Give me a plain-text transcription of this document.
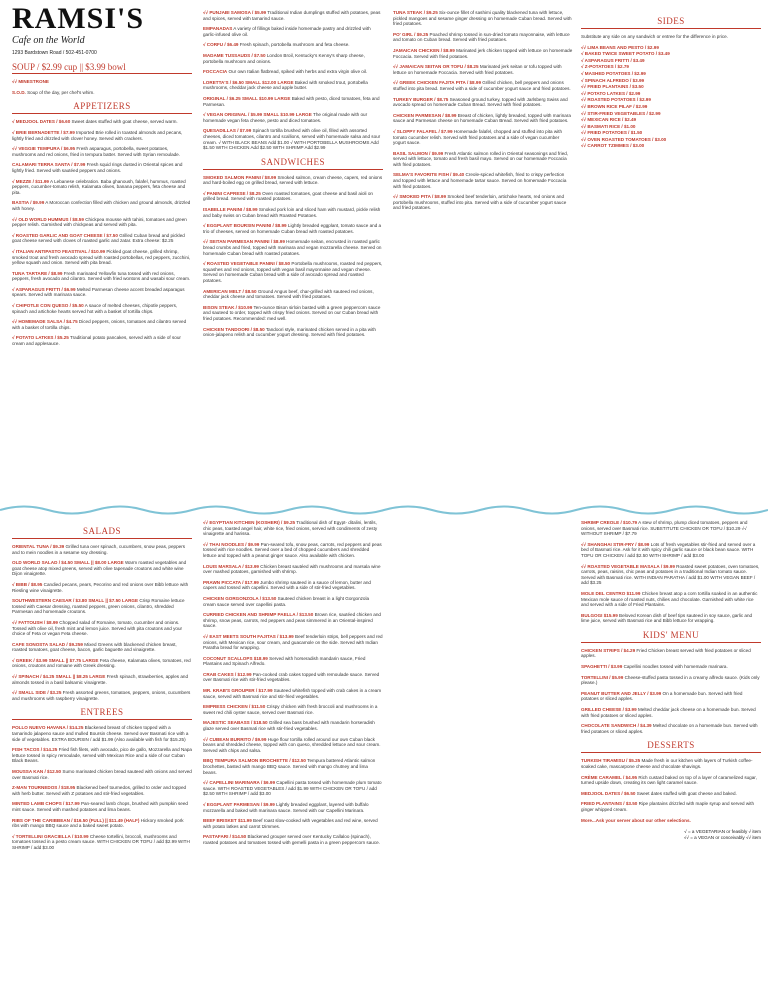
RAMSI'S
Cafe on the World
1293 Bardstown Road / 502-451-0700
SOUP / $2.99 cup || $3.99 bowl
√√ MINESTRONE
S.O.D. Soup of the day, per chef's whim.
APPETIZERS
√ MEDJOOL DATES / $6.60 Sweet dates stuffed with goat cheese, served warm.
√ BRIE BERNADETTE / $7.99 Imported Brie rolled in toasted almonds and pecans, lightly fried and drizzled with clover honey. Served with crackers.
√√ VEGGIE TEMPURA / $6.95 Fresh asparagus, portobella, sweet potatoes, mushrooms and red onions, fried in tempura batter. Served with Syrian remoulade.
CALAMARI TERRA SANTA / $7.99 Fresh squid rings dusted in Oriental spices and lightly fried. Served with sautéed peppers and onions.
√ MEZZE / $11.99 A Lebanese celebration. Baba ghanoush, falafel, hummus, roasted peppers, cucumber-tomato relish, Kalamata olives, banana peppers, feta cheese and pita.
BASTIA / $9.99 A Moroccan confection filled with chicken and ground almonds, drizzled with honey.
√√ OLD WORLD HUMMUS / $8.59 Chickpea mousse with tahini, tomatoes and green pepper relish. Garnished with chickpeas and served with pita.
√ ROASTED GARLIC AND GOAT CHEESE / $7.50 Grilled Cuban bread and pickled goat cheese served with cloves of roasted garlic and zatar. Extra cheese: $2.25
√ ITALIAN ANTIPASTO FEASTIVAL / $10.99 Pickled goat cheese, grilled shrimp, smoked trout and fresh avocado spread with roasted portobellas, red peppers, zucchini, yellow squash and onion. Served with pita bread.
TUNA TARTARE / $8.99 Fresh marinated Yellowfin tuna tossed with red onions, peppers, fresh avocado and cilantro. Served with fried wontons and wasabi sour cream.
√ ASPARAGUS FRITTI / $6.99 Melted Parmesan cheese accent breaded asparagus spears. Served with marinara sauce.
√ CHIPOTLE CON QUESO / $5.50 A sauce of melted cheeses, chipotle peppers, spinach and artichoke hearts served hot with a basket of tortilla chips.
√√ HOMEMADE SALSA / $4.75 Diced peppers, onions, tomatoes and cilantro served with a basket of tortilla chips.
√ POTATO LATKES / $5.25 Traditional potato pancakes, served with a side of sour cream and applesauce.
√√ PUNJABI SAMOSA / $5.99 Traditional Indian dumplings stuffed with potatoes, peas and spices, served with tamarind sauce.
EMPANADAS A variety of fillings baked inside homemade pastry and drizzled with garlic-infused olive oil.
√ CORFU / $6.49 Fresh spinach, portobella mushroom and feta cheese.
MADAME TUSSAUDS / $7.50 London Broil, Kentucky's Kenny's sharp cheese, portobella mushroom and onions.
FOCCACIA Our own Italian flatbread, spiked with herbs and extra virgin olive oil.
LORETTA'S / $6.50 SMALL $12.00 LARGE Baked with smoked trout, portobella mushrooms, cheddar jack cheese and apple butter.
ORIGINAL / $6.25 SMALL $10.99 LARGE Baked with pesto, diced tomatoes, feta and Parmesan.
√ VEGAN ORIGINAL / $5.99 SMALL $10.99 LARGE The original made with our homemade vegan feta cheese, pesto and diced tomatoes.
QUESADILLAS / $7.99 Spinach tortilla brushed with olive oil, filled with assorted cheeses, diced tomatoes, cilantro and scallions, served with homemade salsa and sour cream. √ WITH BLACK BEANS Add $1.00 √ WITH PORTOBELLA MUSHROOMS Add $1.50 WITH CHICKEN Add $2.50 WITH SHRIMP Add $2.99
SANDWICHES
SMOKED SALMON PANINI / $8.99 Smoked salmon, cream cheese, capers, red onions and hard-boiled egg on grilled bread, served with lettuce.
√ PANINI CAPRESE / $8.25 Oven roasted tomatoes, goat cheese and basil aioli on grilled bread. Served with roasted potatoes.
ISABELLE PANINI / $8.99 Smoked pork loin and sliced ham with mustard, pickle relish and baby swiss on Cuban bread with Roasted Potatoes.
√ EGGPLANT BOURSIN PANINI / $8.99 Lightly breaded eggplant, tomato sauce and a trio of cheeses, served on homemade Cuban bread with roasted potatoes.
√√ SEITAN PARMESAN PANINI / $8.99 Homemade seitan, encrusted in roasted garlic bread crumbs and fried, topped with marinara and vegan mozzarella cheese. Served on homemade Cuban bread with roasted potatoes.
√ ROASTED VEGETABLE PANINI / $8.50 Portobella mushrooms, roasted red peppers, squashes and red onions, topped with vegan basil mayonnaise and vegan cheese. Served on homemade Cuban bread with a side of avocado spread and roasted potatoes.
AMERICAN MELT / $8.50 Ground Angus beef, char-grilled with sauteed red onions, cheddar jack cheese and tomatoes. Served with fried potatoes.
BISON STEAK / $10.99 Ten-ounce Bison sirloin basted with a green peppercorn sauce and sauteed to order, topped with crispy fried onions. Served on our Cuban bread with fried potatoes. Recommended: med well.
CHICKEN TANDOORI / $8.50 Tandoori style, marinated chicken served in a pita with onion-jalapeno relish and cucumber yogurt dressing. Served with fried potatoes.
TUNA STEAK / $9.25 Six-ounce fillet of sashimi quality blackened tuna with lettuce, pickled mangoes and sesame ginger dressing on homemade Cuban bread. Served with fried potatoes.
PO' GIRL / $9.25 Poached shrimp tossed in sun-dried tomato mayonnaise, with lettuce and tomato on Cuban bread. Served with fried potatoes.
JAMAICAN CHICKEN / $8.99 Marinated jerk chicken topped with lettuce on homemade Foccacia. Served with fried potatoes.
√√ JAMAICAN SEITAN OR TOFU / $8.25 Marinated jerk seitan or tofu topped with lettuce on homemade Foccacia. Served with fried potatoes.
√√ GREEK CHICKEN FAJITA PITA / $8.99 Grilled chicken, bell peppers and onions stuffed into pita bread. Served with a side of cucumber yogurt sauce and fried potatoes.
TURKEY BURGER / $8.75 Seasoned ground turkey, topped with Jarlsberg Swiss and avocado spread on homemade Cuban Bread. Served with fried potatoes.
CHICKEN PARMESAN / $8.99 Breast of chicken, lightly breaded, topped with marinara sauce and Parmesan cheese on homemade Cuban Bread. Served with fried potatoes.
√ SLOPPY FALAFEL / $7.99 Homemade falafel, chopped and stuffed into pita with tomato cucumber relish. Served with fried potatoes and a side of vegan cucumber yogurt sauce.
BASIL SALMON / $9.99 Fresh Atlantic salmon rolled in Oriental seasonings and fried, served with lettuce, tomato and fresh basil mayo. Served on our homemade Foccacia with fried potatoes.
SELMA'S FAVORITE FISH / $9.40 Creole-spiced whitefish, fried to crispy perfection and topped with lettuce and homemade tartar sauce. Served on homemade Foccacia with fried potatoes.
√√ SMOKED PITA / $8.99 Smoked beef tenderloin, artichoke hearts, red onions and portobella mushrooms, stuffed into pita. Served with a side of cucumber yogurt sauce and fried potatoes.
SIDES
Substitute any side on any sandwich or entree for the difference in price.
√√ LIMA BEANS AND PESTO / $2.99
√ BAKED TWICE SWEET POTATO / $3.49
√ ASPARAGUS FRITTI / $3.49
√ Z-POTATOES / $2.79
√ MASHED POTATOES / $2.99
√ SPINACH ALFREDO / $3.99
√√ FRIED PLANTAINS / $3.50
√√ POTATO LATKES / $2.99
√√ ROASTED POTATOES / $2.99
√√ BROWN RICE PILAF / $2.99
√√ STIR-FRIED VEGETABLES / $2.99
√√ MEXICAN RICE / $2.49
√√ BASMATI RICE / $1.00
√√ FRIED POTATOES / $1.50
√√ OVEN ROASTED TOMATOES / $3.00
√√ CARROT TZIMMES / $3.00
SALADS
ORIENTAL TUNA / $9.39 Grilled tuna over spinach, cucumbers, snow peas, peppers and to mein noodles in a sesame soy dressing.
OLD WORLD SALAD / $4.50 SMALL || $8.00 LARGE Warm roasted vegetables and goat cheese atop mixed greens, served with olive tapenade croutons and white wine Dijon vinaigrette.
√ BIBB / $8.95 Candied pecans, pears, Pecorino and red onions over Bibb lettuce with Riesling wine vinaigrette.
SOUTHWESTERN CAESAR / $3.80 SMALL || $7.50 LARGE Crisp Romaine lettuce tossed with Caesar dressing, roasted peppers, green onions, cilantro, shredded Parmesan and homemade croutons.
√√ FATTOUSH / $8.99 Chopped salad of Romaine, tomato, cucumber and onions. Tossed with olive oil, fresh mint and lemon juice. Served with pita croutons and your choice of Feta or vegan Feta cheese.
CAFE SONOSTA SALAD / $9.259 Mixed Greens with blackened chicken breast, roasted tomatoes, goat cheese, bacon, garlic baguette and vinaigrette.
√ GREEK / $3.99 SMALL || $7.75 LARGE Feta cheese, Kalamata olives, tomatoes, red onions, croutons and romaine with Greek dressing.
√√ SPINACH / $4.25 SMALL || $8.25 LARGE Fresh spinach, strawberries, apples and almonds tossed in a basil balsamic vinaigrette.
√√ SMALL SIDE / $3.25 Fresh assorted greens, tomatoes, peppers, onions, cucumbers and mushrooms with raspberry vinaigrette.
ENTREES
POLLO NUEVO HAVANA / $14.25 Blackened breast of chicken topped with a tamarindo jalapeno sauce and mulled Boursin cheese. Served over Basmati rice with a side of vegetables. EXTRA BOURSIN / add $1.99 (Also available with fish for $15.25)
FISH TACOS / $14.25 Fried fish filets, with avocado, pico de gallo, Mozzarella and Napa lettuce tossed in spicy remoulade, served with Mexican Rice and a side of our Cuban Black Beans.
MOUSSA KAN / $12.50 Sumo marinated chicken bread sauteed with onions and served over Basmati rice.
Z-MAN TOURNEDOS / $18.95 Blackened beef tournedos, grilled to order and topped with herb butter. Served with Z potatoes and stir-fried vegetables.
MINTED LAMB CHOPS / $17.99 Pan-seared lamb chops, brushed with pumpkin seed mint sauce. Served with mashed potatoes and lima beans.
RIBS OF THE CARIBBEAN / $16.50 (FULL) || $11.49 (HALF) Hickory smoked pork ribs with mango BBQ sauce and a baked sweet potato.
√ TORTELLINI GRACIELLA / $10.99 Cheese tortellini, broccoli, mushrooms and tomatoes tossed in a pesto cream sauce. WITH CHICKEN OR TOFU / add $2.99 WITH SHRIMP / add $3.00
√√ EGYPTIAN KITCHEN (KOSHERI) / $9.25 Traditional dish of Egypt- ditalini, lentils, chic peas, toasted angel hair, white rice, fried onions, served with condiments of zesty vinaigrette and harissa.
√√ THAI NOODLES / $9.99 Pan-seared tofu, snow peas, carrots, red peppers and peas tossed with rice noodles. Served over a bed of chopped cucumbers and shredded lettuce and topped with a peanut ginger sauce. Also available with chicken.
LOUIS MARSALA / $13.99 Chicken breast sautéed with mushrooms and marsala wine over mashed potatoes, garnished with shrimp.
PRAWN PICCATA / $17.99 Jumbo shrimp sauteed in a sauce of lemon, butter and capers and tossed with capellini. Served with a side of stir-fried vegetables.
CHICKEN GORGONZOLA / $13.50 Sauteed chicken breast in a light Gorgonzola cream sauce served over capellini pasta.
CURRIED CHICKEN AND SHRIMP PAELLA / $13.50 Brown rice, sautéed chicken and shrimp, snow peas, carrots, red peppers and peas simmered in an Oriental-inspired sauce.
√√ EAST MEETS SOUTH FAJITAS / $13.99 Beef tenderloin strips, bell peppers and red onions, with Mexican rice, sour cream, and guacamole on the side. Served with Indian Paratha bread for wrapping.
COCONUT SCALLOPS $18.99 Served with horseradish mandarin sauce, Fried Plantains and Spinach Alfredo.
CRAB CAKES / $12.99 Pan-cooked crab cakes topped with remoulade sauce. Served over Basmati rice with stir-fried vegetables.
MR. KRAB'S GROUPER / $17.99 Sauteed whitefish topped with crab cakes in a cream sauce, served with Basmati rice and stir-fried vegetables.
EMPRESS CHICKEN / $11.50 Crispy chicken with fresh broccoli and mushrooms in a sweet red chili oyster sauce, served over Basmati rice.
MAJESTIC SEABASS / $18.50 Grilled sea bass brushed with mandarin horseradish glaze served over Basmati rice with stir-fried vegetables.
√√ CUBEAN BURRITO / $9.99 Huge flour tortilla rolled around our own Cuban black beans and shredded cheese, topped with con queso, shredded lettuce and sour cream. Served with chips and salsa.
BBQ TEMPURA SALMON BROCHETTE / $12.50 Tempura battered Atlantic salmon brochettes, basted with mango BBQ sauce. Served with mango chutney and lima beans.
√√ CAPELLINI MARINARA / $6.99 Capellini pasta tossed with homemade plum tomato sauce. WITH ROASTED VEGETABLES / add $1.99 WITH CHICKEN OR TOFU / add $2.50 WITH SHRIMP / add $3.00
√ EGGPLANT PARMESAN / $9.99 Lightly breaded eggplant, layered with buffalo mozzarella and baked with marinara sauce. Served with our Capellini Marinara.
BEEF BRISKET $11.99 Beef roast slow-cooked with vegetables and red wine, served with potato latkes and carrot tzimmes.
PASTAFARI / $14.50 Blackened grouper served over Kentucky Callaloo (spinach), roasted potatoes and tomatoes tossed with gemelli pasta in a green peppercorn sauce.
SHRIMP CREOLE / $10.79 A stew of shrimp, plump diced tomatoes, peppers and onions, served over Basmati rice. SUBSTITUTE CHICKEN OR TOFU / $10.29 √√ WITHOUT SHRIMP / $7.79
√√ SHANGHAI STIR-FRY / $8.99 Lots of fresh vegetables stir-fried and served over a bed of Basmati rice. Ask for it with spicy chili garlic sauce or black bean sauce. WITH TOFU OR CHICKEN / add $2.50 WITH SHRIMP / add $3.00
√√ ROASTED VEGETABLE MASALA / $9.99 Roasted sweet potatoes, oven tomatoes, carrots, peas, raisins, chic peas and potatoes in a traditional Indian tomato sauce. Served with Basmati rice. WITH INDIAN PARATHA / add $1.00 WITH VEGAN BEEF / add $3.25
MOLE DEL CENTRO $11.99 Chicken breast atop a corn tortilla soaked in an authentic Mexican mole sauce of roasted nuts, chilies and chocolate. Garnished with white rice and served with a side of Fried Plantains.
BULGOGI $15.99 Beloved Korean dish of beef tips sauteed in soy sauce, garlic and lime juice, served with Basmati rice and Bibb lettuce for wrapping.
KIDS' MENU
CHICKEN STRIPS / $4.29 Fried Chicken breast served with fried potatoes or sliced apples.
SPAGHETTI / $3.99 Capellini noodles tossed with homemade marinara.
TORTELLINI / $5.99 Cheese-stuffed pasta tossed in a creamy alfredo sauce. (Kids only please.)
PEANUT BUTTER AND JELLY / $3.99 On a homemade bun. Served with fried potatoes or sliced apples.
GRILLED CHEESE / $3.99 Melted cheddar jack cheese on a homemade bun. Served with fried potatoes or sliced apples.
CHOCOLATE SANDWICH / $4.39 Melted chocolate on a homemade bun. Served with fried potatoes or sliced apples.
DESSERTS
TURKISH TIRAMISU / $5.25 Made fresh in our kitchen with layers of Turkish coffee-soaked cake, mascarpone cheese and chocolate shavings.
CRÈME CARAMEL / $4.95 Rich custard baked on top of a layer of caramelized sugar, turned upside down, creating its own light caramel sauce.
MEDJOOL DATES / $6.50 Sweet dates stuffed with goat cheese and baked.
FRIED PLANTAINS / $3.50 Ripe plantains drizzled with maple syrup and served with ginger whipped cream.
More...Ask your server about our other selections.
√ = a VEGETARIAN or feasibly √ item
√√ = a VEGAN or conceivably √√ item
